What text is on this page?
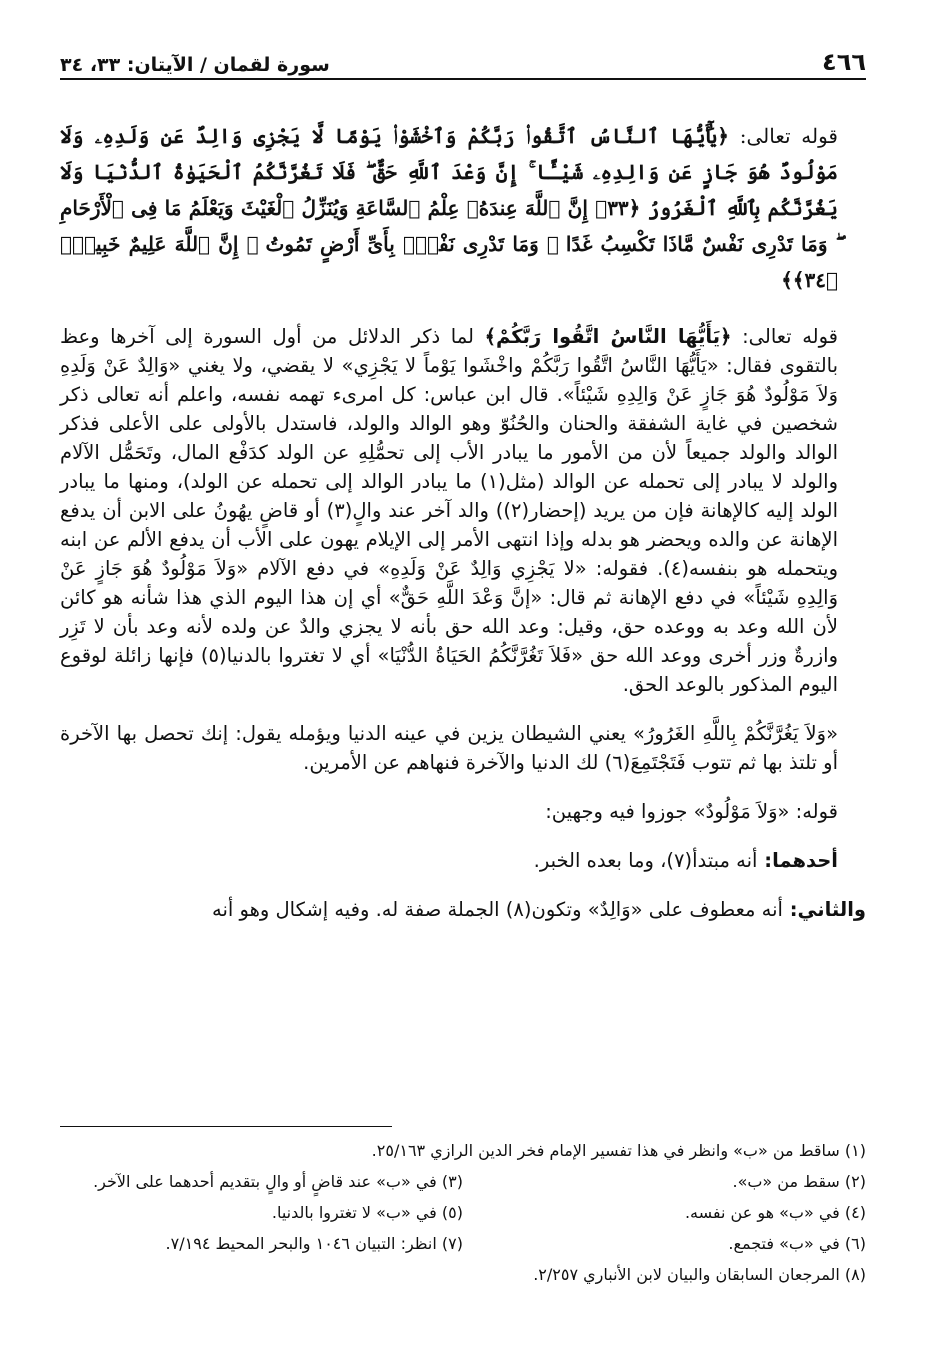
٤٦٦
سورة لقمان / الآيتان: ٣٣، ٣٤

قوله تعالى: ﴿يَٰٓأَيُّهَا ٱلنَّاسُ ٱتَّقُوا۟ رَبَّكُمْ وَٱخْشَوْا۟ يَوْمًا لَّا يَجْزِى وَالِدٌ عَن وَلَدِهِۦ وَلَا مَوْلُودٌ هُوَ جَازٍ عَن وَالِدِهِۦ شَيْـًٔا ۚ إِنَّ وَعْدَ ٱللَّهِ حَقٌّ ۖ فَلَا تَغُرَّنَّكُمُ ٱلْحَيَوٰةُ ٱلدُّنْيَا وَلَا يَغُرَّنَّكُم بِٱللَّهِ ٱلْغَرُورُ ﴿٣٣﴾ إِنَّ ٱللَّهَ عِندَهُۥ عِلْمُ ٱلسَّاعَةِ وَيُنَزِّلُ ٱلْغَيْثَ وَيَعْلَمُ مَا فِى ٱلْأَرْحَامِ ۖ وَمَا تَدْرِى نَفْسٌ مَّاذَا تَكْسِبُ غَدًا ۖ وَمَا تَدْرِى نَفْسٌۢ بِأَىِّ أَرْضٍ تَمُوتُ ۚ إِنَّ ٱللَّهَ عَلِيمٌ خَبِيرٌۢ ﴿٣٤﴾﴾

قوله تعالى: ﴿يَأَيُّهَا النَّاسُ اتَّقُوا رَبَّكُمْ﴾ لما ذكر الدلائل من أول السورة إلى آخرها وعظ بالتقوى فقال: «يَأَيُّهَا النَّاسُ اتَّقُوا رَبَّكُمْ واخْشَوا يَوْماً لا يَجْزِي» لا يقضي، ولا يغني «وَالِدٌ عَنْ وَلَدِهِ وَلاَ مَوْلُودٌ هُوَ جَازٍ عَنْ وَالِدِهِ شَيْئاً». قال ابن عباس: كل امرىء تهمه نفسه، واعلم أنه تعالى ذكر شخصين في غاية الشفقة والحنان والحُنُوّ وهو الوالد والولد، فاستدل بالأولى على الأعلى فذكر الوالد والولد جميعاً لأن من الأمور ما يبادر الأب إلى تحمُّلِهِ عن الولد كدَفْع المال، وتَحَمُّل الآلام والولد لا يبادر إلى تحمله عن الوالد (مثل(١) ما يبادر الوالد إلى تحمله عن الولد)، ومنها ما يبادر الولد إليه كالإهانة فإن من يريد (إحضار(٢)) والد آخر عند والٍ(٣) أو قاضٍ يهُونُ على الابن أن يدفع الإهانة عن والده ويحضر هو بدله وإذا انتهى الأمر إلى الإيلام يهون على الأب أن يدفع الألم عن ابنه ويتحمله هو بنفسه(٤). فقوله: «لا يَجْزِي وَالِدٌ عَنْ وَلَدِهِ» في دفع الآلام «وَلاَ مَوْلُودٌ هُوَ جَازٍ عَنْ وَالِدِهِ شَيْئاً» في دفع الإهانة ثم قال: «إنَّ وَعْدَ اللَّهِ حَقٌّ» أي إن هذا اليوم الذي هذا شأنه هو كائن لأن الله وعد به ووعده حق، وقيل: وعد الله حق بأنه لا يجزي والدٌ عن ولده لأنه وعد بأن لا تَزِر وازرةٌ وزر أخرى ووعد الله حق «فَلاَ تَغُرَّنَّكُمُ الحَيَاةُ الدُّنْيَا» أي لا تغتروا بالدنيا(٥) فإنها زائلة لوقوع اليوم المذكور بالوعد الحق.

«وَلاَ يَغُرَّنَّكُمْ بِاللَّهِ الغَرُورُ» يعني الشيطان يزين في عينه الدنيا ويؤمله يقول: إنك تحصل بها الآخرة أو تلتذ بها ثم تتوب فَتَجْتَمِعَ(٦) لك الدنيا والآخرة فنهاهم عن الأمرين.

قوله: «وَلاَ مَوْلُودٌ» جوزوا فيه وجهين:

أحدهما: أنه مبتدأ(٧)، وما بعده الخبر.

والثاني: أنه معطوف على «وَالِدٌ» وتكون(٨) الجملة صفة له. وفيه إشكال وهو أنه

(١) ساقط من «ب» وانظر في هذا تفسير الإمام فخر الدين الرازي ٢٥/١٦٣.
(٢) سقط من «ب».
(٣) في «ب» عند قاضٍ أو والٍ بتقديم أحدهما على الآخر.
(٤) في «ب» هو عن نفسه.
(٥) في «ب» لا تغتروا بالدنيا.
(٦) في «ب» فتجمع.
(٧) انظر: التبيان ١٠٤٦ والبحر المحيط ٧/١٩٤.
(٨) المرجعان السابقان والبيان لابن الأنباري ٢/٢٥٧.
